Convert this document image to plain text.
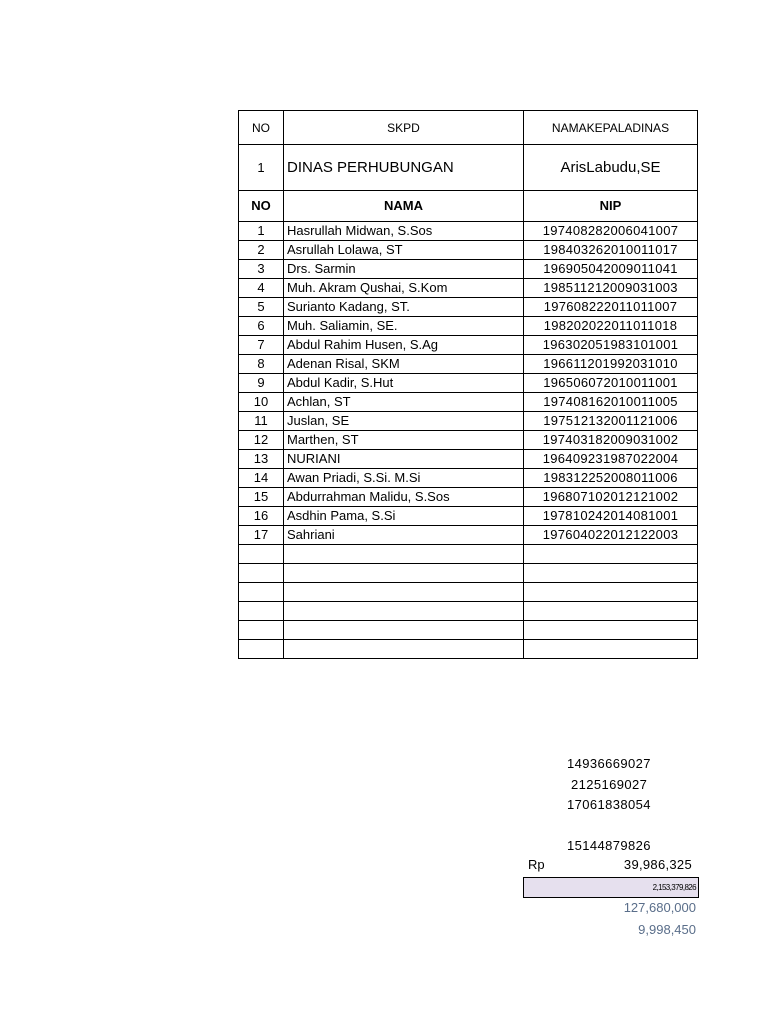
NO	SKPD	NAMAKEPALADINAS
1	DINAS PERHUBUNGAN	ArisLabudu,SE
NO	NAMA	NIP
1	Hasrullah Midwan, S.Sos	197408282006041007
2	Asrullah Lolawa, ST	198403262010011017
3	Drs. Sarmin	196905042009011041
4	Muh. Akram Qushai, S.Kom	198511212009031003
5	Surianto Kadang, ST.	197608222011011007
6	Muh. Saliamin, SE.	198202022011011018
7	Abdul Rahim Husen, S.Ag	196302051983101001
8	Adenan Risal, SKM	196611201992031010
9	Abdul Kadir, S.Hut	196506072010011001
10	Achlan, ST	197408162010011005
11	Juslan, SE	197512132001121006
12	Marthen, ST	197403182009031002
13	NURIANI	196409231987022004
14	Awan Priadi, S.Si. M.Si	198312252008011006
15	Abdurrahman Malidu, S.Sos	196807102012121002
16	Asdhin Pama, S.Si	197810242014081001
17	Sahriani	197604022012122003

14936669027
2125169027
17061838054
15144879826
Rp	39,986,325
2,153,379,826
127,680,000
9,998,450
